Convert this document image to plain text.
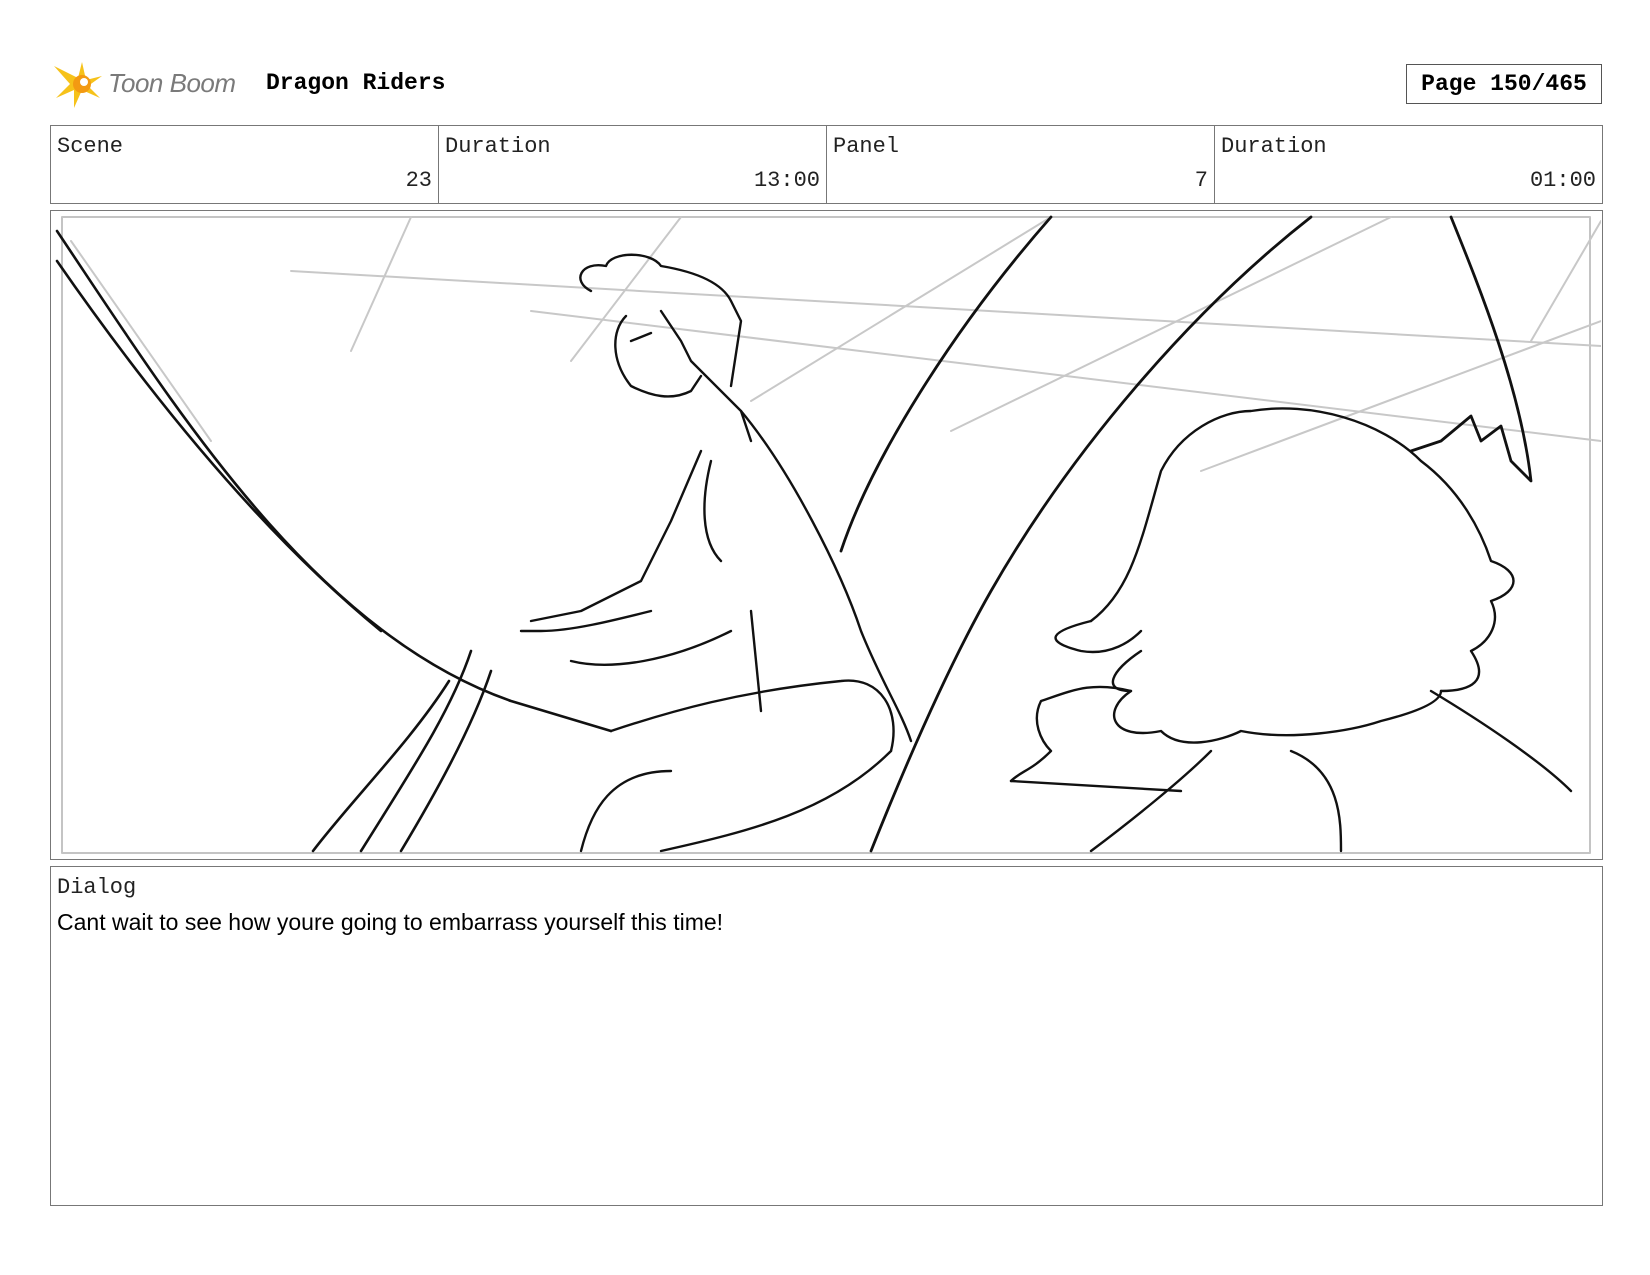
Toon Boom Dragon Riders	Page 150/465
Scene
23
Duration
13:00
Panel
7
Duration
01:00
Dialog
Cant wait to see how youre going to embarrass yourself this time!
